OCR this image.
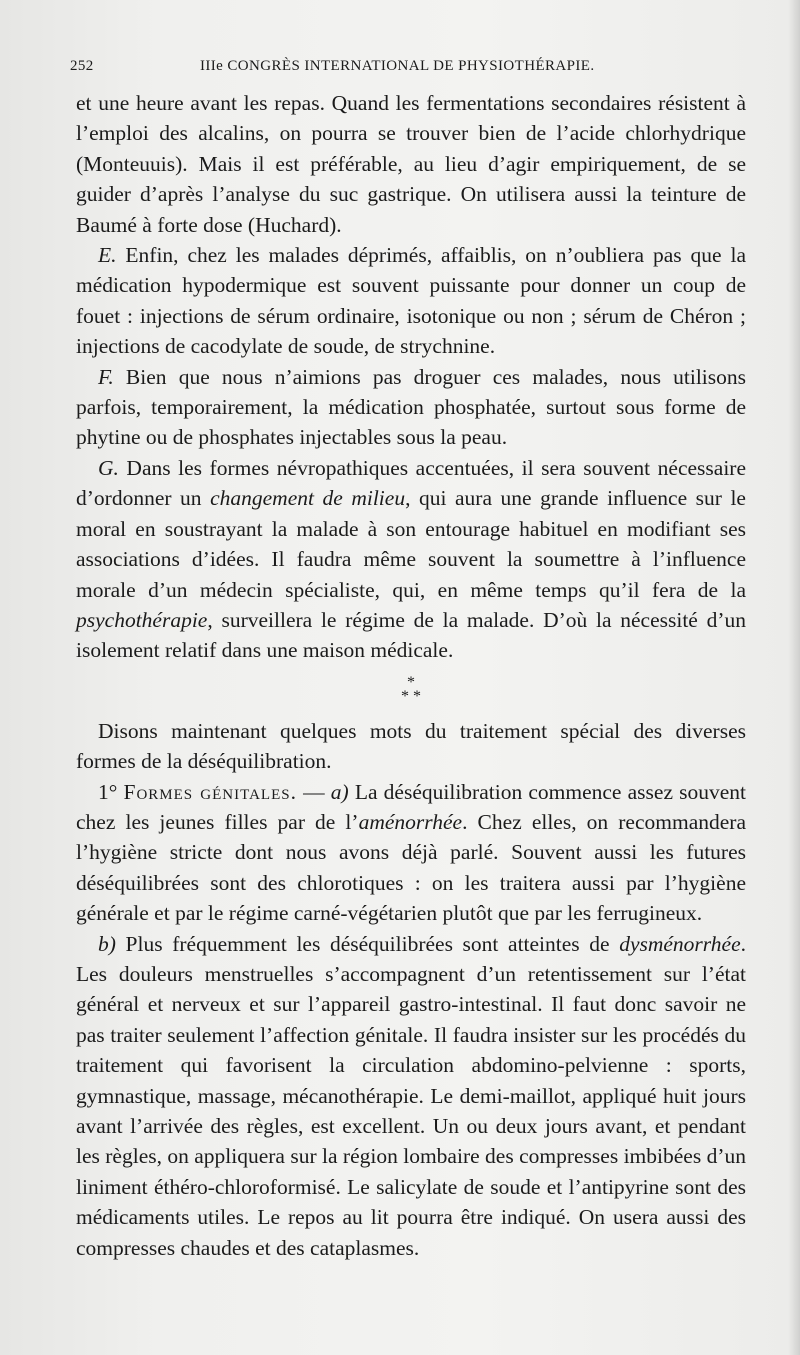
252	IIIe CONGRÈS INTERNATIONAL DE PHYSIOTHÉRAPIE.

et une heure avant les repas. Quand les fermentations secondaires résistent à l’emploi des alcalins, on pourra se trouver bien de l’acide chlorhydrique (Monteuuis). Mais il est préférable, au lieu d’agir empiriquement, de se guider d’après l’analyse du suc gastrique. On utilisera aussi la teinture de Baumé à forte dose (Huchard).

E. Enfin, chez les malades déprimés, affaiblis, on n’oubliera pas que la médication hypodermique est souvent puissante pour donner un coup de fouet : injections de sérum ordinaire, isotonique ou non ; sérum de Chéron ; injections de cacodylate de soude, de strychnine.

F. Bien que nous n’aimions pas droguer ces malades, nous utilisons parfois, temporairement, la médication phosphatée, surtout sous forme de phytine ou de phosphates injectables sous la peau.

G. Dans les formes névropathiques accentuées, il sera souvent nécessaire d’ordonner un changement de milieu, qui aura une grande influence sur le moral en soustrayant la malade à son entourage habituel en modifiant ses associations d’idées. Il faudra même souvent la soumettre à l’influence morale d’un médecin spécialiste, qui, en même temps qu’il fera de la psychothérapie, surveillera le régime de la malade. D’où la nécessité d’un isolement relatif dans une maison médicale.

*
* *

Disons maintenant quelques mots du traitement spécial des diverses formes de la déséquilibration.

1° Formes génitales. — a) La déséquilibration commence assez souvent chez les jeunes filles par de l’aménorrhée. Chez elles, on recommandera l’hygiène stricte dont nous avons déjà parlé. Souvent aussi les futures déséquilibrées sont des chlorotiques : on les traitera aussi par l’hygiène générale et par le régime carné-végétarien plutôt que par les ferrugineux.

b) Plus fréquemment les déséquilibrées sont atteintes de dysménorrhée. Les douleurs menstruelles s’accompagnent d’un retentissement sur l’état général et nerveux et sur l’appareil gastro-intestinal. Il faut donc savoir ne pas traiter seulement l’affection génitale. Il faudra insister sur les procédés du traitement qui favorisent la circulation abdomino-pelvienne : sports, gymnastique, massage, mécanothérapie. Le demi-maillot, appliqué huit jours avant l’arrivée des règles, est excellent. Un ou deux jours avant, et pendant les règles, on appliquera sur la région lombaire des compresses imbibées d’un liniment éthéro-chloroformisé. Le salicylate de soude et l’antipyrine sont des médicaments utiles. Le repos au lit pourra être indiqué. On usera aussi des compresses chaudes et des cataplasmes.
